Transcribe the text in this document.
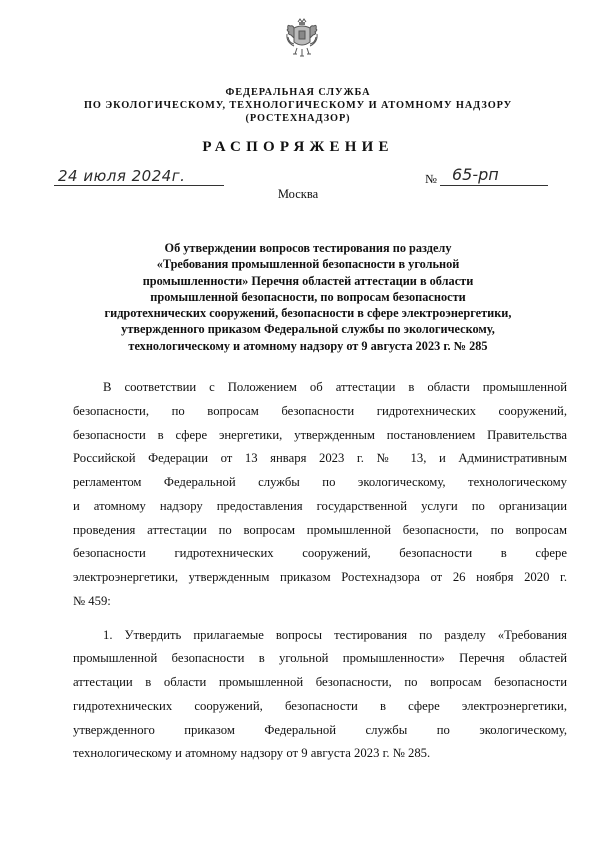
ФЕДЕРАЛЬНАЯ СЛУЖБА
ПО ЭКОЛОГИЧЕСКОМУ, ТЕХНОЛОГИЧЕСКОМУ И АТОМНОМУ НАДЗОРУ
(РОСТЕХНАДЗОР)
РАСПОРЯЖЕНИЕ
24 июля 2024г.	№ 65-рп
Москва
Об утверждении вопросов тестирования по разделу
«Требования промышленной безопасности в угольной
промышленности» Перечня областей аттестации в области
промышленной безопасности, по вопросам безопасности
гидротехнических сооружений, безопасности в сфере электроэнергетики,
утвержденного приказом Федеральной службы по экологическому,
технологическому и атомному надзору от 9 августа 2023 г. № 285
В соответствии с Положением об аттестации в области промышленной
безопасности, по вопросам безопасности гидротехнических сооружений,
безопасности в сфере энергетики, утвержденным постановлением Правительства
Российской Федерации от 13 января 2023 г. № 13, и Административным
регламентом Федеральной службы по экологическому, технологическому
и атомному надзору предоставления государственной услуги по организации
проведения аттестации по вопросам промышленной безопасности, по вопросам
безопасности гидротехнических сооружений, безопасности в сфере
электроэнергетики, утвержденным приказом Ростехнадзора от 26 ноября 2020 г.
№ 459:
1. Утвердить прилагаемые вопросы тестирования по разделу «Требования
промышленной безопасности в угольной промышленности» Перечня областей
аттестации в области промышленной безопасности, по вопросам безопасности
гидротехнических сооружений, безопасности в сфере электроэнергетики,
утвержденного приказом Федеральной службы по экологическому,
технологическому и атомному надзору от 9 августа 2023 г. № 285.
